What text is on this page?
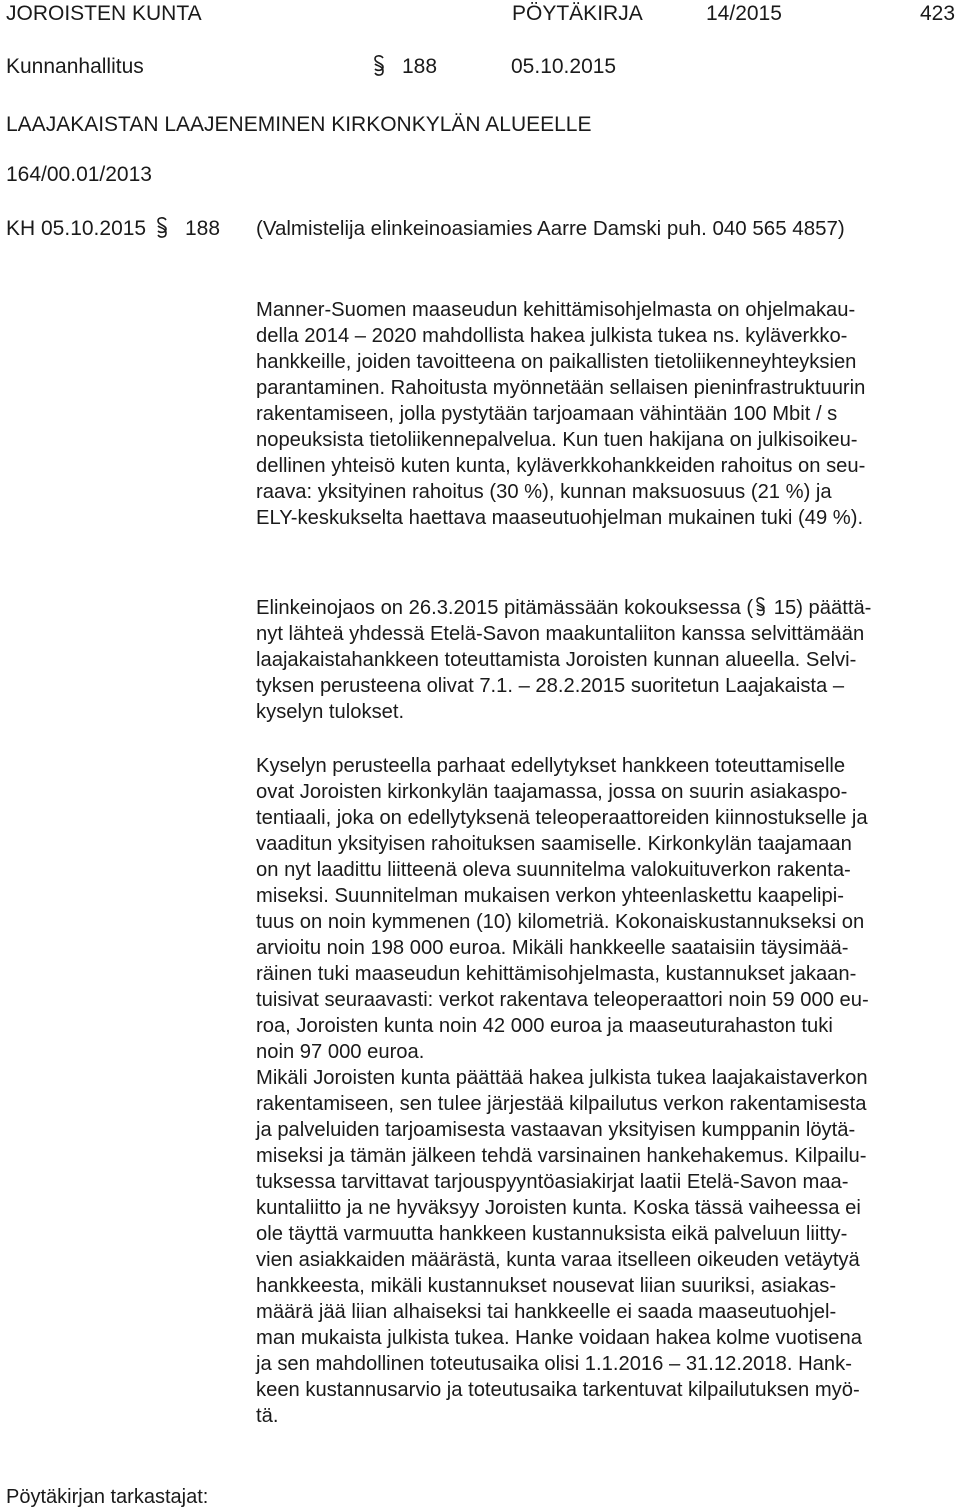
JOROISTEN KUNTA	PÖYTÄKIRJA	14/2015	423
Kunnanhallitus	188	05.10.2015
LAAJAKAISTAN LAAJENEMINEN KIRKONKYLÄN ALUEELLE
164/00.01/2013
KH 05.10.2015 188 (Valmistelija elinkeinoasiamies Aarre Damski puh. 040 565 4857)
Manner-Suomen maaseudun kehittämisohjelmasta on ohjelmakau-
della 2014 – 2020 mahdollista hakea julkista tukea ns. kyläverkko-
hankkeille, joiden tavoitteena on paikallisten tietoliikenneyhteyksien
parantaminen. Rahoitusta myönnetään sellaisen pieninfrastruktuurin
rakentamiseen, jolla pystytään tarjoamaan vähintään 100 Mbit / s
nopeuksista tietoliikennepalvelua. Kun tuen hakijana on julkisoikeu-
dellinen yhteisö kuten kunta, kyläverkkohankkeiden rahoitus on seu-
raava: yksityinen rahoitus (30 %), kunnan maksuosuus (21 %) ja
ELY-keskukselta haettava maaseutuohjelman mukainen tuki (49 %).
Elinkeinojaos on 26.3.2015 pitämässään kokouksessa ( 15) päättä-
nyt lähteä yhdessä Etelä-Savon maakuntaliiton kanssa selvittämään
laajakaistahankkeen toteuttamista Joroisten kunnan alueella. Selvi-
tyksen perusteena olivat 7.1. – 28.2.2015 suoritetun Laajakaista –
kyselyn tulokset.
Kyselyn perusteella parhaat edellytykset hankkeen toteuttamiselle
ovat Joroisten kirkonkylän taajamassa, jossa on suurin asiakaspo-
tentiaali, joka on edellytyksenä teleoperaattoreiden kiinnostukselle ja
vaaditun yksityisen rahoituksen saamiselle. Kirkonkylän taajamaan
on nyt laadittu liitteenä oleva suunnitelma valokuituverkon rakenta-
miseksi. Suunnitelman mukaisen verkon yhteenlaskettu kaapelipi-
tuus on noin kymmenen (10) kilometriä. Kokonaiskustannukseksi on
arvioitu noin 198 000 euroa. Mikäli hankkeelle saataisiin täysimää-
räinen tuki maaseudun kehittämisohjelmasta, kustannukset jakaan-
tuisivat seuraavasti: verkot rakentava teleoperaattori noin 59 000 eu-
roa, Joroisten kunta noin 42 000 euroa ja maaseuturahaston tuki
noin 97 000 euroa.
Mikäli Joroisten kunta päättää hakea julkista tukea laajakaistaverkon
rakentamiseen, sen tulee järjestää kilpailutus verkon rakentamisesta
ja palveluiden tarjoamisesta vastaavan yksityisen kumppanin löytä-
miseksi ja tämän jälkeen tehdä varsinainen hankehakemus. Kilpailu-
tuksessa tarvittavat tarjouspyyntöasiakirjat laatii Etelä-Savon maa-
kuntaliitto ja ne hyväksyy Joroisten kunta. Koska tässä vaiheessa ei
ole täyttä varmuutta hankkeen kustannuksista eikä palveluun liitty-
vien asiakkaiden määrästä, kunta varaa itselleen oikeuden vetäytyä
hankkeesta, mikäli kustannukset nousevat liian suuriksi, asiakas-
määrä jää liian alhaiseksi tai hankkeelle ei saada maaseutuohjel-
man mukaista julkista tukea. Hanke voidaan hakea kolme vuotisena
ja sen mahdollinen toteutusaika olisi 1.1.2016 – 31.12.2018. Hank-
keen kustannusarvio ja toteutusaika tarkentuvat kilpailutuksen myö-
tä.
Pöytäkirjan tarkastajat:
